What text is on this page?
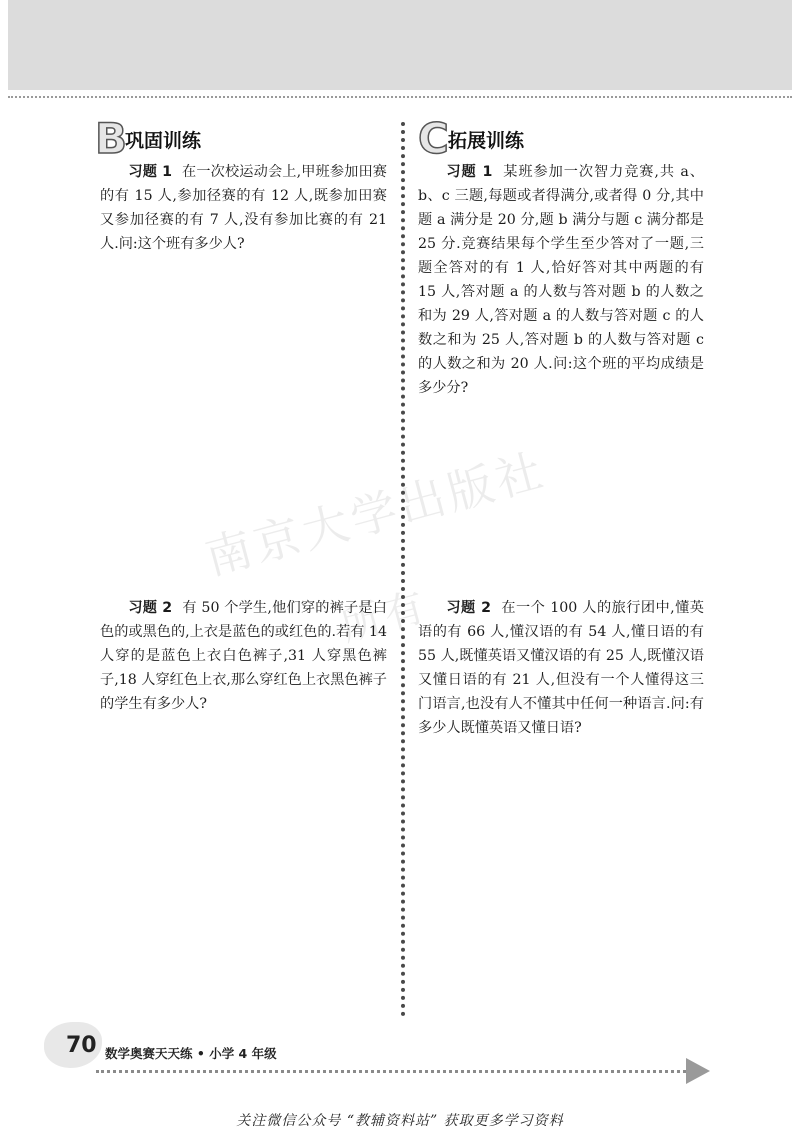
南京大学出版社
所有
B
巩固训练
习题 1 在一次校运动会上,甲班参加田赛的有 15 人,参加径赛的有 12 人,既参加田赛又参加径赛的有 7 人,没有参加比赛的有 21 人.问:这个班有多少人?
习题 2 有 50 个学生,他们穿的裤子是白色的或黑色的,上衣是蓝色的或红色的.若有 14 人穿的是蓝色上衣白色裤子,31 人穿黑色裤子,18 人穿红色上衣,那么穿红色上衣黑色裤子的学生有多少人?
C 拓展训练
习题 1 某班参加一次智力竞赛,共 a、b、c 三题,每题或者得满分,或者得 0 分,其中题 a 满分是 20 分,题 b 满分与题 c 满分都是 25 分.竞赛结果每个学生至少答对了一题,三题全答对的有 1 人,恰好答对其中两题的有 15 人,答对题 a 的人数与答对题 b 的人数之和为 29 人,答对题 a 的人数与答对题 c 的人数之和为 25 人,答对题 b 的人数与答对题 c 的人数之和为 20 人.问:这个班的平均成绩是多少分?
习题 2 在一个 100 人的旅行团中,懂英语的有 66 人,懂汉语的有 54 人,懂日语的有 55 人,既懂英语又懂汉语的有 25 人,既懂汉语又懂日语的有 21 人,但没有一个人懂得这三门语言,也没有人不懂其中任何一种语言.问:有多少人既懂英语又懂日语?
70 数学奥赛天天练 • 小学 4 年级
关注微信公众号 “教辅资料站” 获取更多学习资料
